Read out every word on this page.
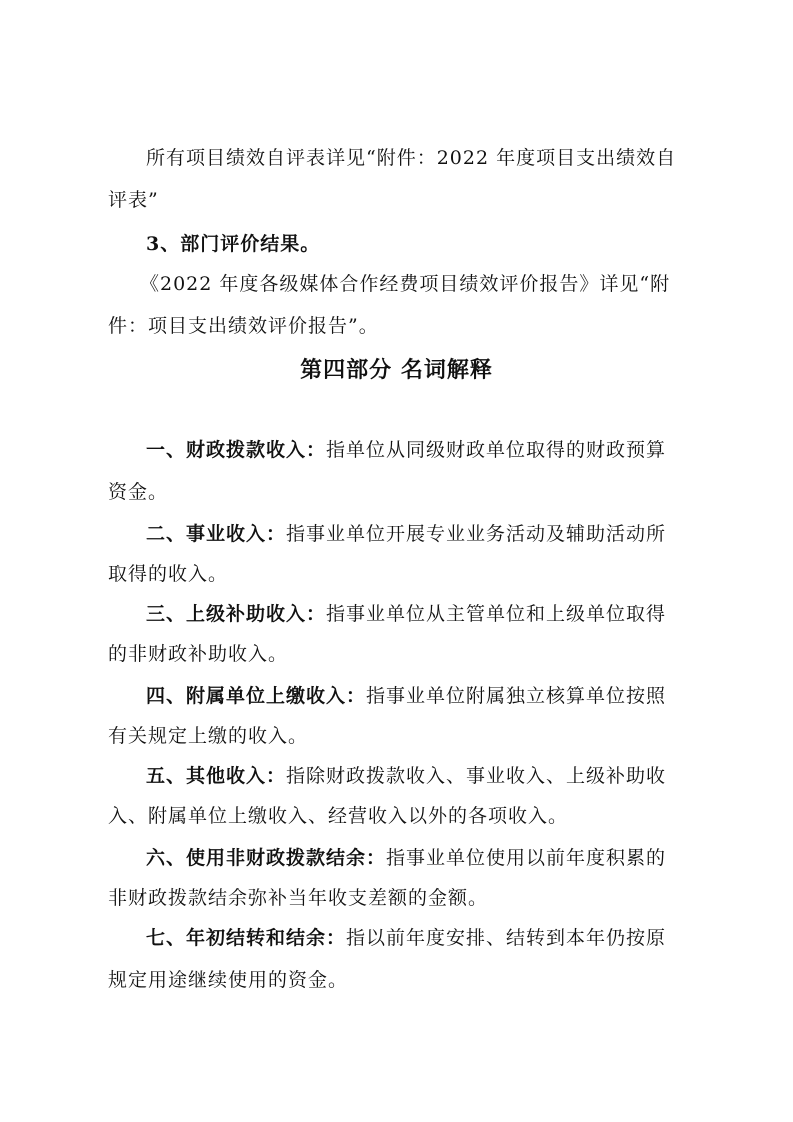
所有项目绩效自评表详见“附件：2022 年度项目支出绩效自
评表”
3、部门评价结果。
《2022 年度各级媒体合作经费项目绩效评价报告》详见“附
件：项目支出绩效评价报告”。
第四部分 名词解释
一、财政拨款收入：指单位从同级财政单位取得的财政预算
资金。
二、事业收入：指事业单位开展专业业务活动及辅助活动所
取得的收入。
三、上级补助收入：指事业单位从主管单位和上级单位取得
的非财政补助收入。
四、附属单位上缴收入：指事业单位附属独立核算单位按照
有关规定上缴的收入。
五、其他收入：指除财政拨款收入、事业收入、上级补助收
入、附属单位上缴收入、经营收入以外的各项收入。
六、使用非财政拨款结余：指事业单位使用以前年度积累的
非财政拨款结余弥补当年收支差额的金额。
七、年初结转和结余：指以前年度安排、结转到本年仍按原
规定用途继续使用的资金。
